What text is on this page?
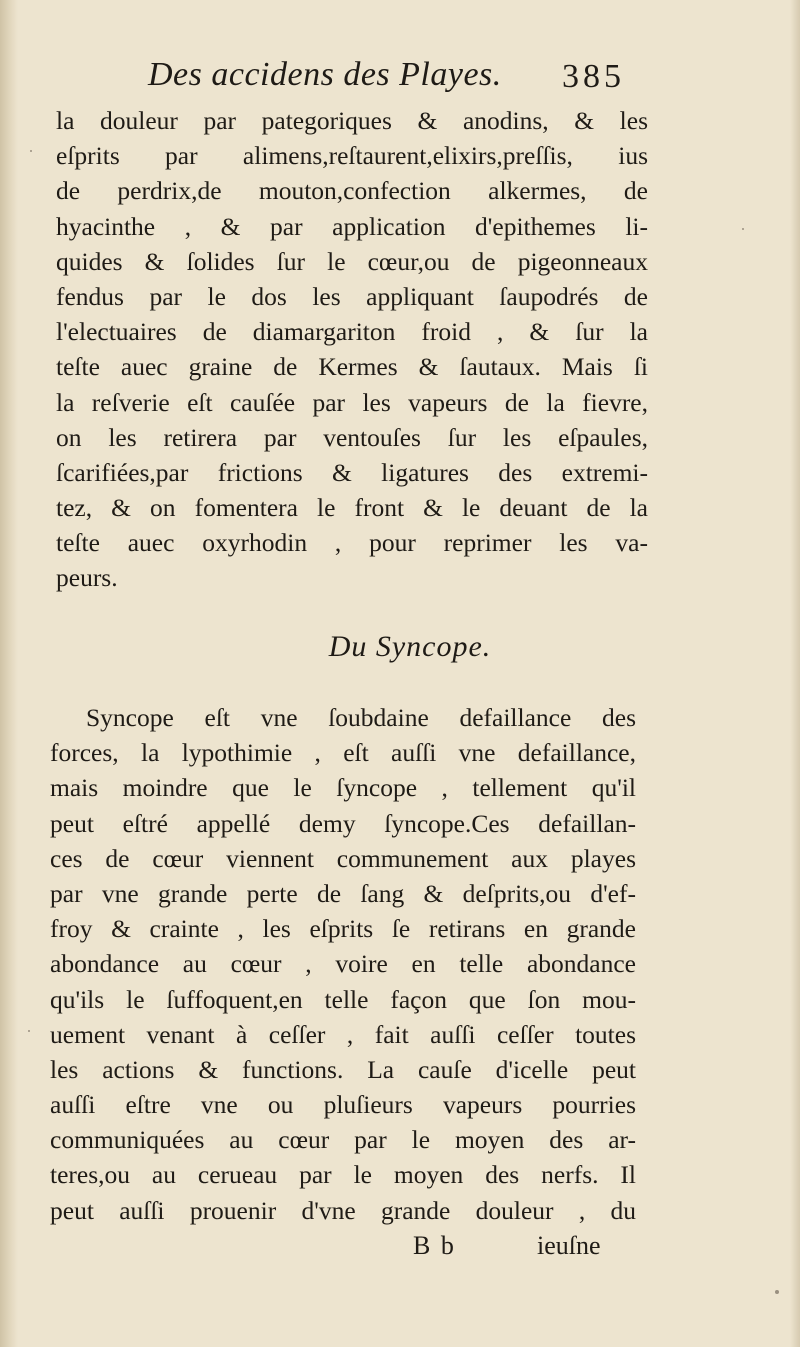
Des accidens des Playes. 385
la douleur par pategoriques & anodins, & les
eſprits par alimens,reſtaurent,elixirs,preſſis, ius
de perdrix,de mouton,confection alkermes, de
hyacinthe , & par application d'epithemes li-
quides & ſolides ſur le cœur,ou de pigeonneaux
fendus par le dos les appliquant ſaupodrés de
l'electuaires de diamargariton froid , & ſur la
teſte auec graine de Kermes & ſautaux. Mais ſi
la reſverie eſt cauſée par les vapeurs de la fievre,
on les retirera par ventouſes ſur les eſpaules,
ſcarifiées,par frictions & ligatures des extremi-
tez, & on fomentera le front & le deuant de la
teſte auec oxyrhodin , pour reprimer les va-
peurs.
Du Syncope.
Syncope eſt vne ſoubdaine defaillance des
forces, la lypothimie , eſt auſſi vne defaillance,
mais moindre que le ſyncope , tellement qu'il
peut eſtré appellé demy ſyncope.Ces defaillan-
ces de cœur viennent communement aux playes
par vne grande perte de ſang & deſprits,ou d'ef-
froy & crainte , les eſprits ſe retirans en grande
abondance au cœur , voire en telle abondance
qu'ils le ſuffoquent,en telle façon que ſon mou-
uement venant à ceſſer , fait auſſi ceſſer toutes
les actions & functions. La cauſe d'icelle peut
auſſi eſtre vne ou pluſieurs vapeurs pourries
communiquées au cœur par le moyen des ar-
teres,ou au cerueau par le moyen des nerfs. Il
peut auſſi prouenir d'vne grande douleur , du
B b	ieuſne
